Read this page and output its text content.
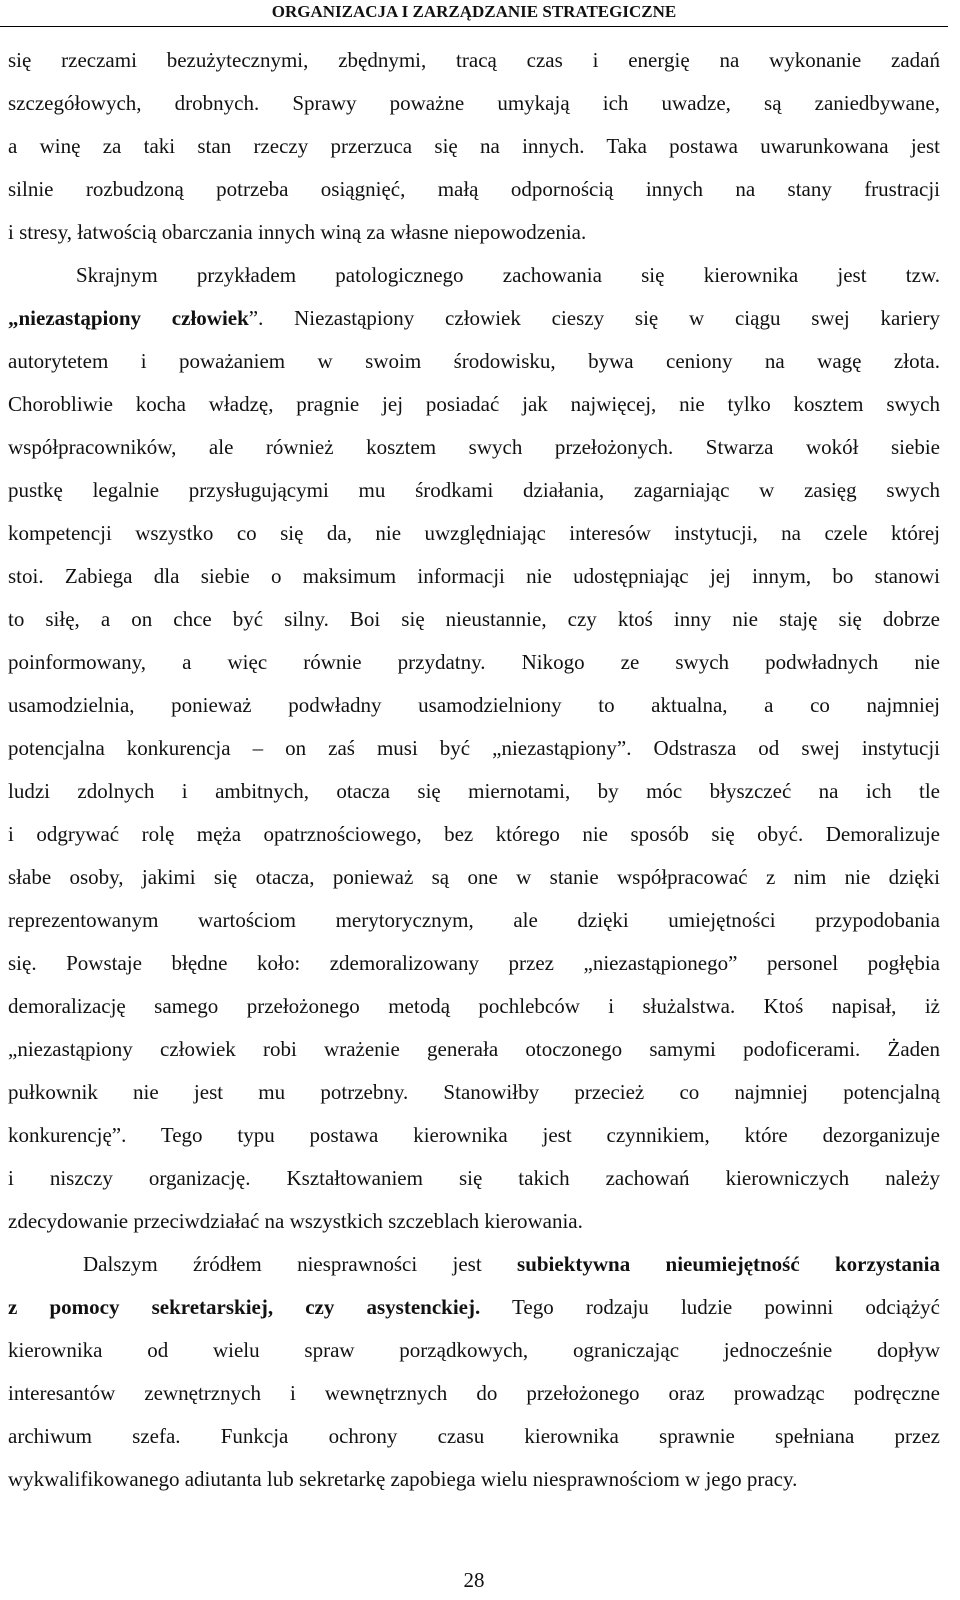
ORGANIZACJA I ZARZĄDZANIE STRATEGICZNE
się rzeczami bezużytecznymi, zbędnymi, tracą czas i energię na wykonanie zadań
szczegółowych, drobnych. Sprawy poważne umykają ich uwadze, są zaniedbywane,
a winę za taki stan rzeczy przerzuca się na innych. Taka postawa uwarunkowana jest
silnie rozbudzoną potrzeba osiągnięć, małą odpornością innych na stany frustracji
i stresy, łatwością obarczania innych winą za własne niepowodzenia.
Skrajnym przykładem patologicznego zachowania się kierownika jest tzw.
„niezastąpiony człowiek”. Niezastąpiony człowiek cieszy się w ciągu swej kariery
autorytetem i poważaniem w swoim środowisku, bywa ceniony na wagę złota.
Chorobliwie kocha władzę, pragnie jej posiadać jak najwięcej, nie tylko kosztem swych
współpracowników, ale również kosztem swych przełożonych. Stwarza wokół siebie
pustkę legalnie przysługującymi mu środkami działania, zagarniając w zasięg swych
kompetencji wszystko co się da, nie uwzględniając interesów instytucji, na czele której
stoi. Zabiega dla siebie o maksimum informacji nie udostępniając jej innym, bo stanowi
to siłę, a on chce być silny. Boi się nieustannie, czy ktoś inny nie staję się dobrze
poinformowany, a więc równie przydatny. Nikogo ze swych podwładnych nie
usamodzielnia, ponieważ podwładny usamodzielniony to aktualna, a co najmniej
potencjalna konkurencja – on zaś musi być „niezastąpiony”. Odstrasza od swej instytucji
ludzi zdolnych i ambitnych, otacza się miernotami, by móc błyszczeć na ich tle
i odgrywać rolę męża opatrznościowego, bez którego nie sposób się obyć. Demoralizuje
słabe osoby, jakimi się otacza, ponieważ są one w stanie współpracować z nim nie dzięki
reprezentowanym wartościom merytorycznym, ale dzięki umiejętności przypodobania
się. Powstaje błędne koło: zdemoralizowany przez „niezastąpionego” personel pogłębia
demoralizację samego przełożonego metodą pochlebców i służalstwa. Ktoś napisał, iż
„niezastąpiony człowiek robi wrażenie generała otoczonego samymi podoficerami. Żaden
pułkownik nie jest mu potrzebny. Stanowiłby przecież co najmniej potencjalną
konkurencję”. Tego typu postawa kierownika jest czynnikiem, które dezorganizuje
i niszczy organizację. Kształtowaniem się takich zachowań kierowniczych należy
zdecydowanie przeciwdziałać na wszystkich szczeblach kierowania.
Dalszym źródłem niesprawności jest subiektywna nieumiejętność korzystania
z pomocy sekretarskiej, czy asystenckiej. Tego rodzaju ludzie powinni odciążyć
kierownika od wielu spraw porządkowych, ograniczając jednocześnie dopływ
interesantów zewnętrznych i wewnętrznych do przełożonego oraz prowadząc podręczne
archiwum szefa. Funkcja ochrony czasu kierownika sprawnie spełniana przez
wykwalifikowanego adiutanta lub sekretarkę zapobiega wielu niesprawnościom w jego pracy.
28
